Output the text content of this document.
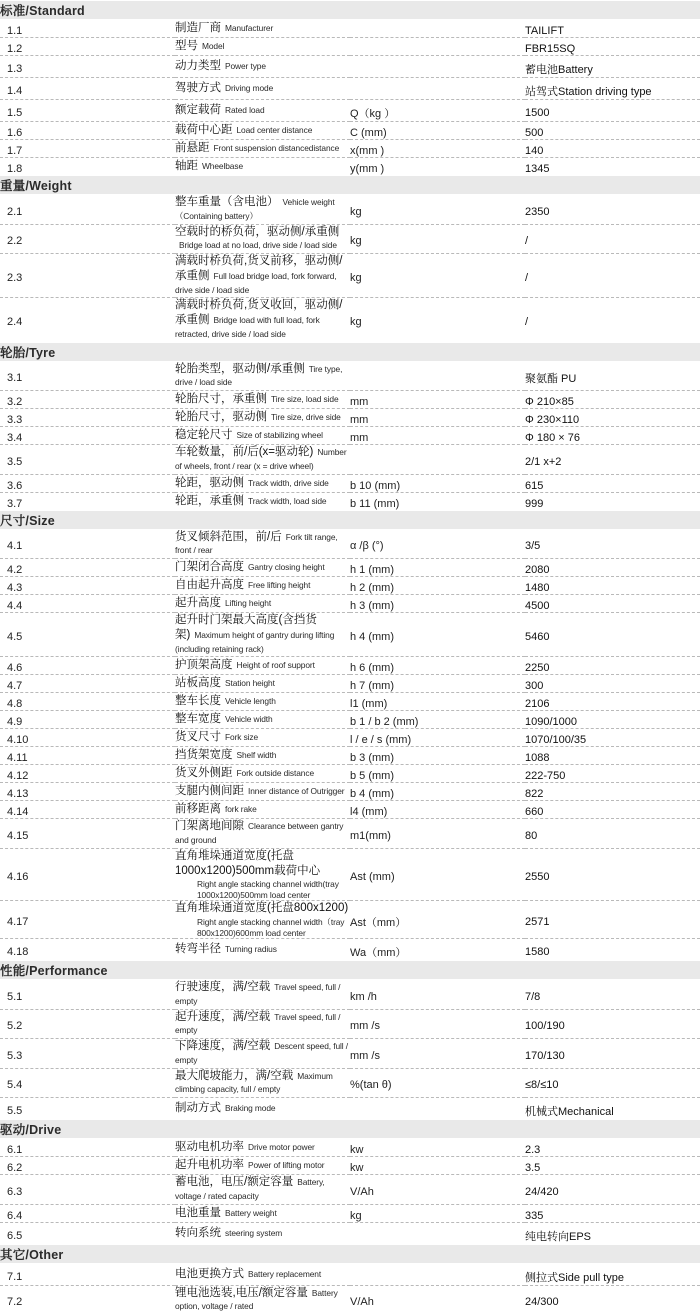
标准/Standard			
1.1	制造厂商 Manufacturer		TAILIFT
1.2	型号 Model		FBR15SQ
1.3	动力类型 Power type		蓄电池Battery
1.4	驾驶方式 Driving mode		站驾式Station driving type
1.5	额定载荷 Rated load	Q（kg ）	1500
1.6	载荷中心距 Load center distance	C (mm)	500
1.7	前悬距 Front suspension distancedistance	x(mm )	140
1.8	轴距 Wheelbase	y(mm )	1345
重量/Weight			
2.1	整车重量（含电池） Vehicle weight（Containing battery）	kg	2350
2.2	空载时的桥负荷，驱动侧/承重侧Bridge load at no load, drive side / load side	kg	/
2.3	满载时桥负荷,货叉前移，驱动侧/承重侧 Full load bridge load, fork forward, drive side / load side	kg	/
2.4	满载时桥负荷,货叉收回，驱动侧/承重侧 Bridge load with full load, fork retracted, drive side / load side	kg	/
轮胎/Tyre			
3.1	轮胎类型，驱动侧/承重侧 Tire type, drive / load side		聚氨酯 PU
3.2	轮胎尺寸，承重侧 Tire size, load side	mm	Φ 210×85
3.3	轮胎尺寸，驱动侧 Tire size, drive side	mm	Φ 230×110
3.4	稳定轮尺寸 Size of stabilizing wheel	mm	Φ 180 × 76
3.5	车轮数量，前/后(x=驱动轮) Number of wheels, front / rear (x = drive wheel)		2/1 x+2
3.6	轮距，驱动侧 Track width, drive side	b 10 (mm)	615
3.7	轮距，承重侧 Track width, load side	b 11 (mm)	999
尺寸/Size			
4.1	货叉倾斜范围，前/后 Fork tilt range, front / rear	α /β (°)	3/5
4.2	门架闭合高度 Gantry closing height	h 1 (mm)	2080
4.3	自由起升高度 Free lifting height	h 2 (mm)	1480
4.4	起升高度 Lifting height	h 3 (mm)	4500
4.5	起升时门架最大高度(含挡货架) Maximum height of gantry during lifting (including retaining rack)	h 4 (mm)	5460
4.6	护顶架高度 Height of roof support	h 6 (mm)	2250
4.7	站板高度 Station height	h 7 (mm)	300
4.8	整车长度 Vehicle length	l1 (mm)	2106
4.9	整车宽度 Vehicle width	b 1 / b 2 (mm)	1090/1000
4.10	货叉尺寸 Fork size	l / e / s (mm)	1070/100/35
4.11	挡货架宽度 Shelf width	b 3 (mm)	1088
4.12	货叉外侧距 Fork outside distance	b 5 (mm)	222-750
4.13	支腿内侧间距 Inner distance of Outrigger	b 4 (mm)	822
4.14	前移距离 fork rake	l4 (mm)	660
4.15	门架离地间隙 Clearance between gantry and ground	m1(mm)	80
4.16	直角堆垛通道宽度(托盘1000x1200)500mm载荷中心
Right angle stacking channel width(tray 1000x1200)500mm load center	Ast (mm)	2550
4.17	直角堆垛通道宽度(托盘800x1200)
Right angle stacking channel width（tray 800x1200)600mm load center	Ast（mm）	2571
4.18	转弯半径 Turning radius	Wa（mm）	1580
性能/Performance			
5.1	行驶速度，满/空载 Travel speed, full / empty	km /h	7/8
5.2	起升速度，满/空载 Travel speed, full / empty	mm /s	100/190
5.3	下降速度，满/空载 Descent speed, full / empty	mm /s	170/130
5.4	最大爬坡能力，满/空载 Maximum climbing capacity, full / empty	%(tan θ)	≤8/≤10
5.5	制动方式 Braking mode		机械式Mechanical
驱动/Drive			
6.1	驱动电机功率 Drive motor power	kw	2.3
6.2	起升电机功率 Power of lifting motor	kw	3.5
6.3	蓄电池，电压/额定容量 Battery, voltage / rated capacity	V/Ah	24/420
6.4	电池重量 Battery weight	kg	335
6.5	转向系统 steering system		纯电转向EPS
其它/Other			
7.1	电池更换方式 Battery replacement		侧拉式Side pull type
7.2	锂电池选装,电压/额定容量 Battery option, voltage / rated	V/Ah	24/300
